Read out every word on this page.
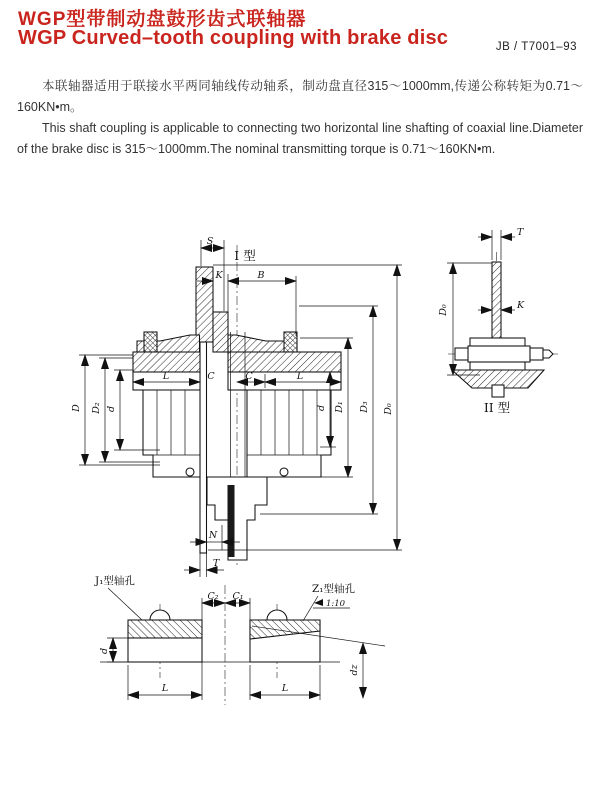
WGP型带制动盘鼓形齿式联轴器
WGP Curved–tooth coupling with brake disc	JB / T7001–93

本联轴器适用于联接水平两同轴线传动轴系，制动盘直径315～1000mm,传递公称转矩为0.71～160KN•m。

This shaft coupling is applicable to connecting two horizontal line shafting of coaxial line.Diameter of the brake disc is 315～1000mm.The nominal transmitting torque is 0.71～160KN•m.

I 型
S
K	B
D D₂ d
L	C	C	L
d D₁ D₃ D₀
N
T
T
K
D₀
II 型
J₁型轴孔
Z₁型轴孔
1:10
d
C₂ C₁
L	L
dz
